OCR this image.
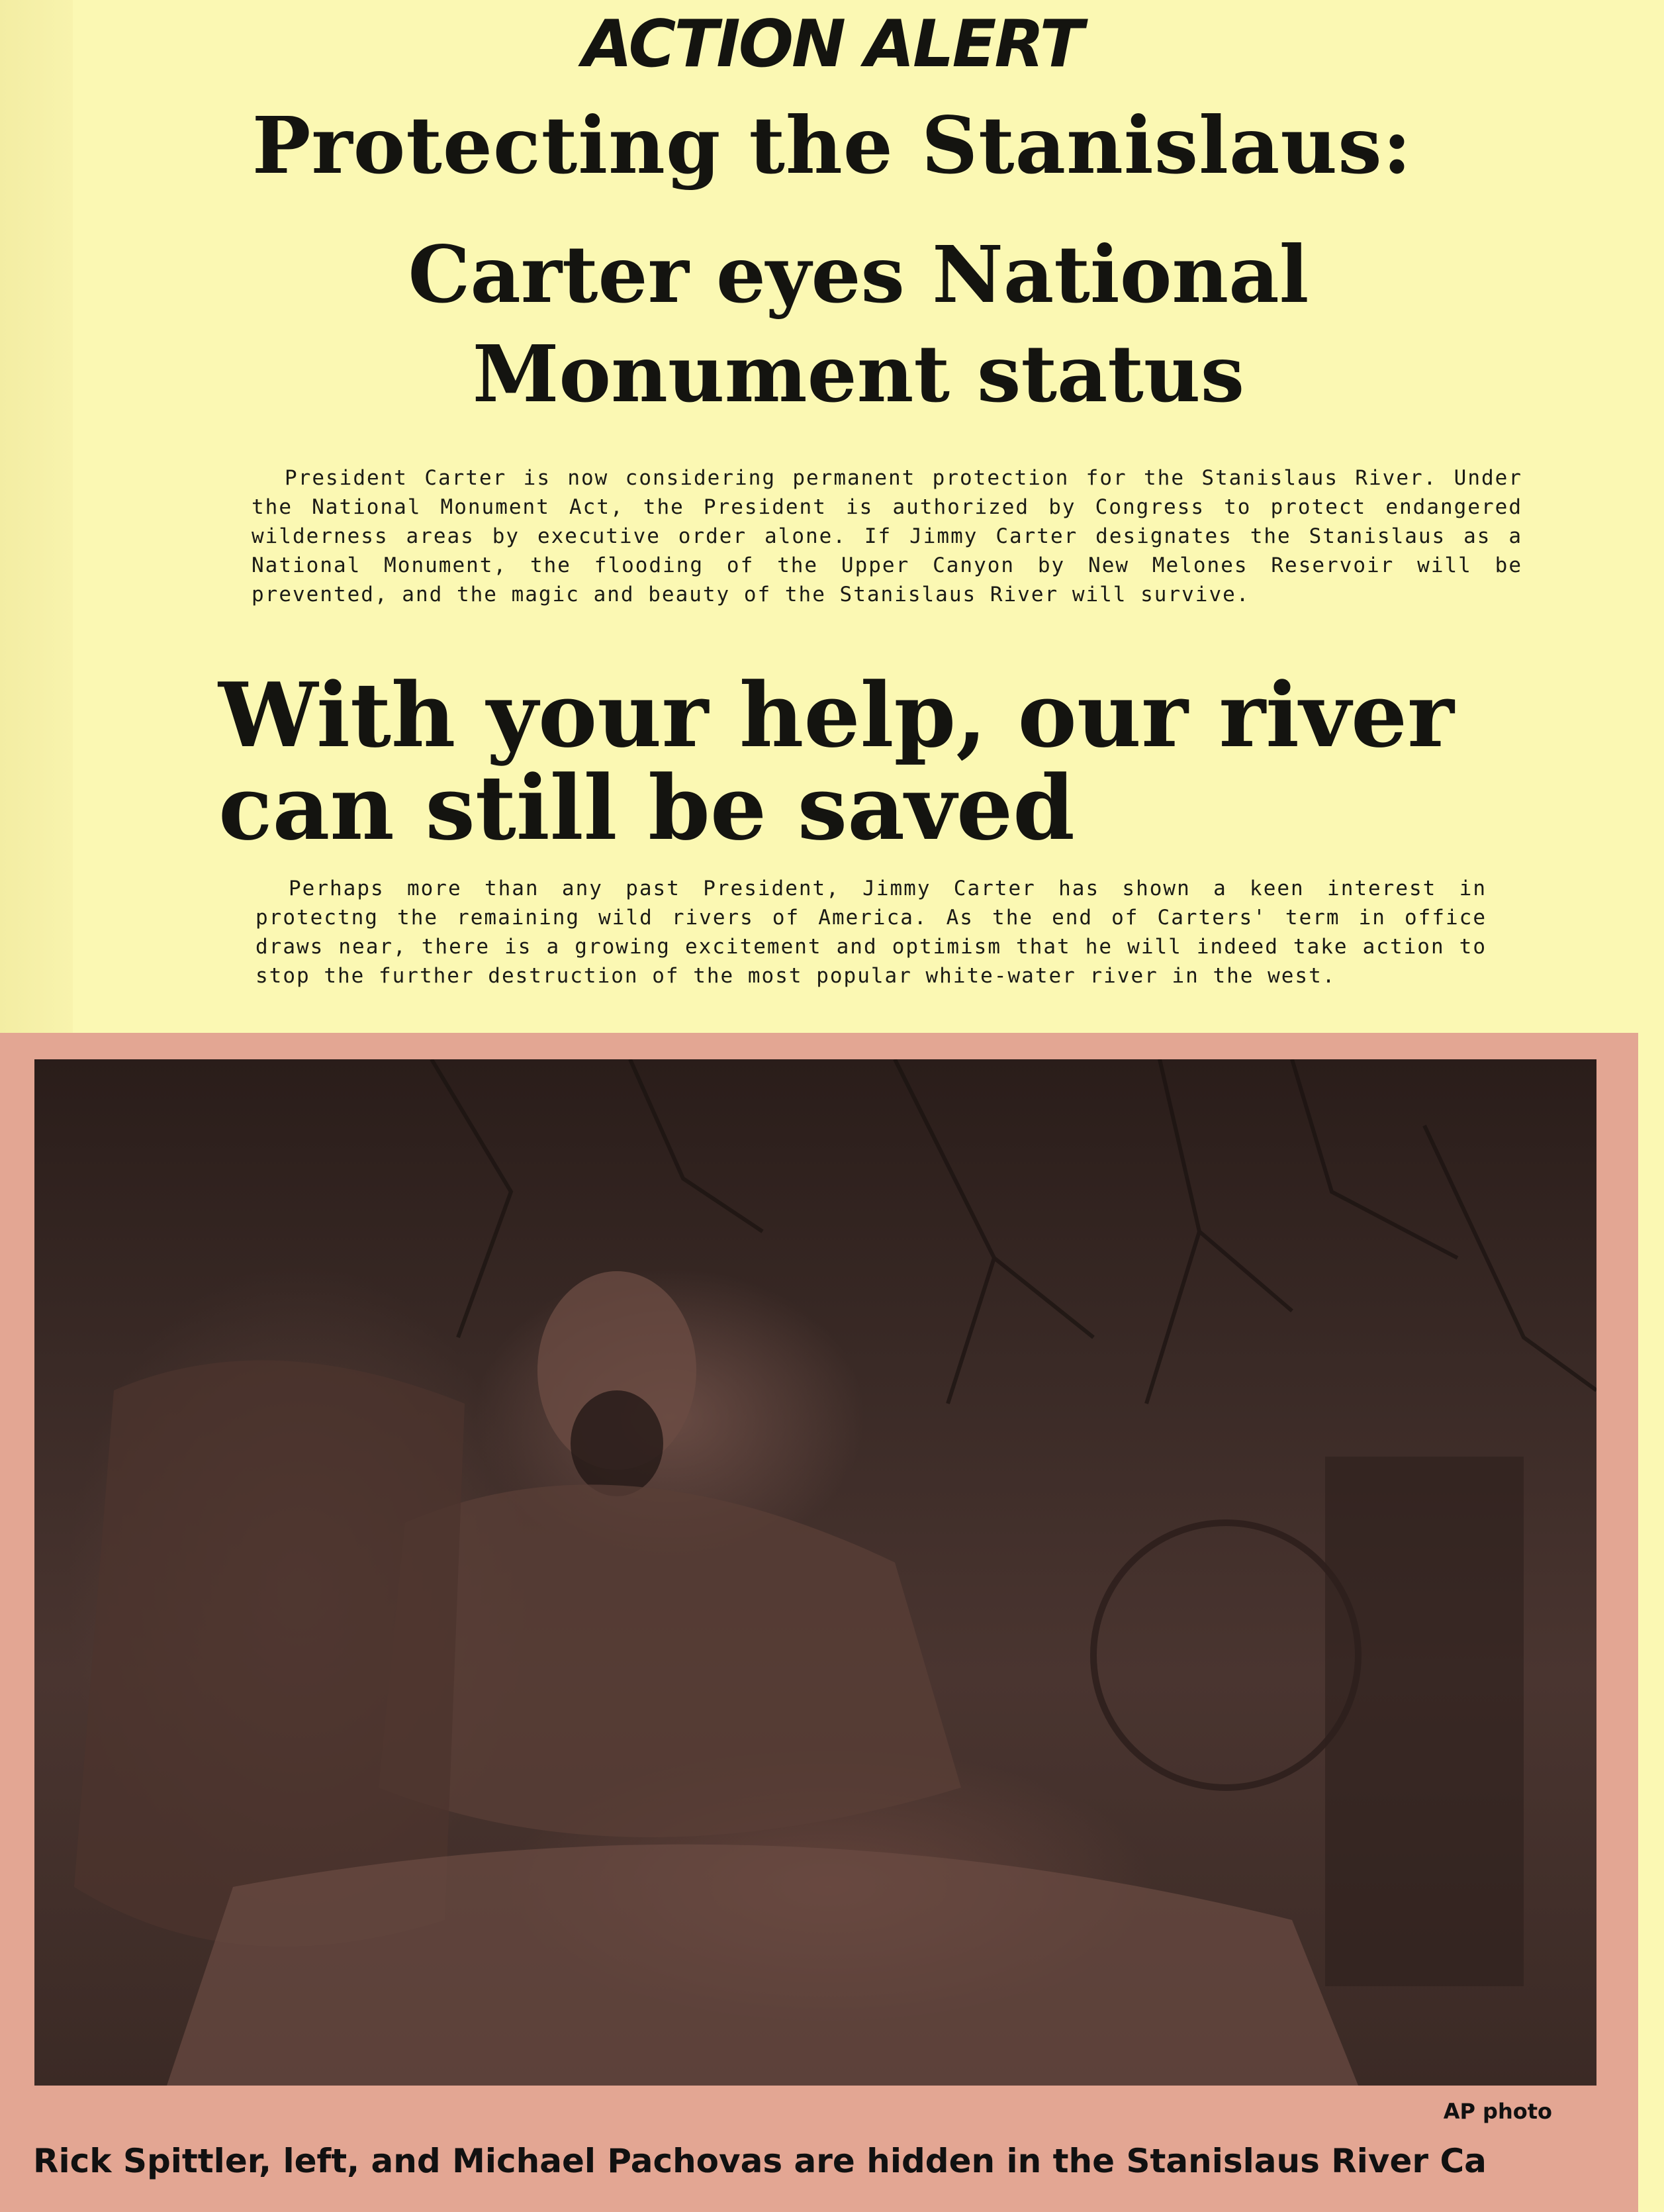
ACTION ALERT
Protecting the Stanislaus:
Carter eyes National
Monument status
President Carter is now considering permanent protection for the Stanislaus River. Under the National Monument Act, the President is authorized by Congress to protect endangered wilderness areas by executive order alone. If Jimmy Carter designates the Stanislaus as a National Monument, the flooding of the Upper Canyon by New Melones Reservoir will be prevented, and the magic and beauty of the Stanislaus River will survive.
With your help, our river can still be saved
Perhaps more than any past President, Jimmy Carter has shown a keen interest in protectng the remaining wild rivers of America. As the end of Carters' term in office draws near, there is a growing excitement and optimism that he will indeed take action to stop the further destruction of the most popular white-water river in the west.
AP photo
Rick Spittler, left, and Michael Pachovas are hidden in the Stanislaus River Ca
